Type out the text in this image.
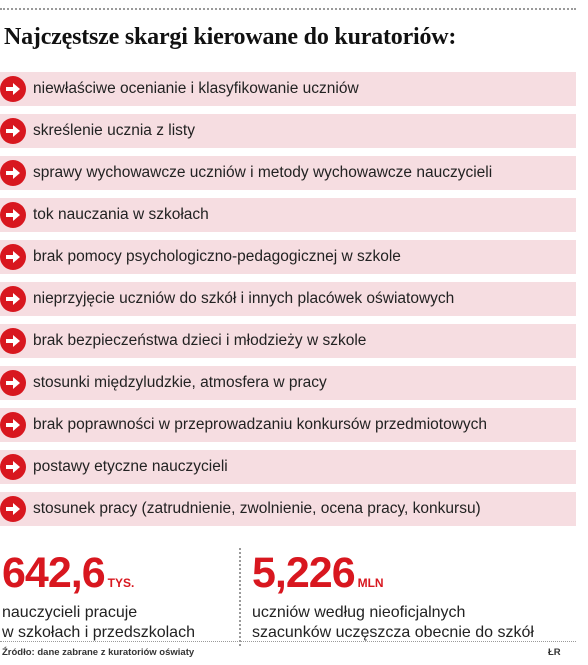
Najczęstsze skargi kierowane do kuratoriów:
niewłaściwe ocenianie i klasyfikowanie uczniów
skreślenie ucznia z listy
sprawy wychowawcze uczniów i metody wychowawcze nauczycieli
tok nauczania w szkołach
brak pomocy psychologiczno-pedagogicznej w szkole
nieprzyjęcie uczniów do szkół i innych placówek oświatowych
brak bezpieczeństwa dzieci i młodzieży w szkole
stosunki międzyludzkie, atmosfera w pracy
brak poprawności w przeprowadzaniu konkursów przedmiotowych
postawy etyczne nauczycieli
stosunek pracy (zatrudnienie, zwolnienie, ocena pracy, konkursu)
642,6 TYS.
nauczycieli pracuje
w szkołach i przedszkolach
5,226 MLN
uczniów według nieoficjalnych
szacunków uczęszcza obecnie do szkół
Źródło: dane zabrane z kuratoriów oświaty	ŁR
